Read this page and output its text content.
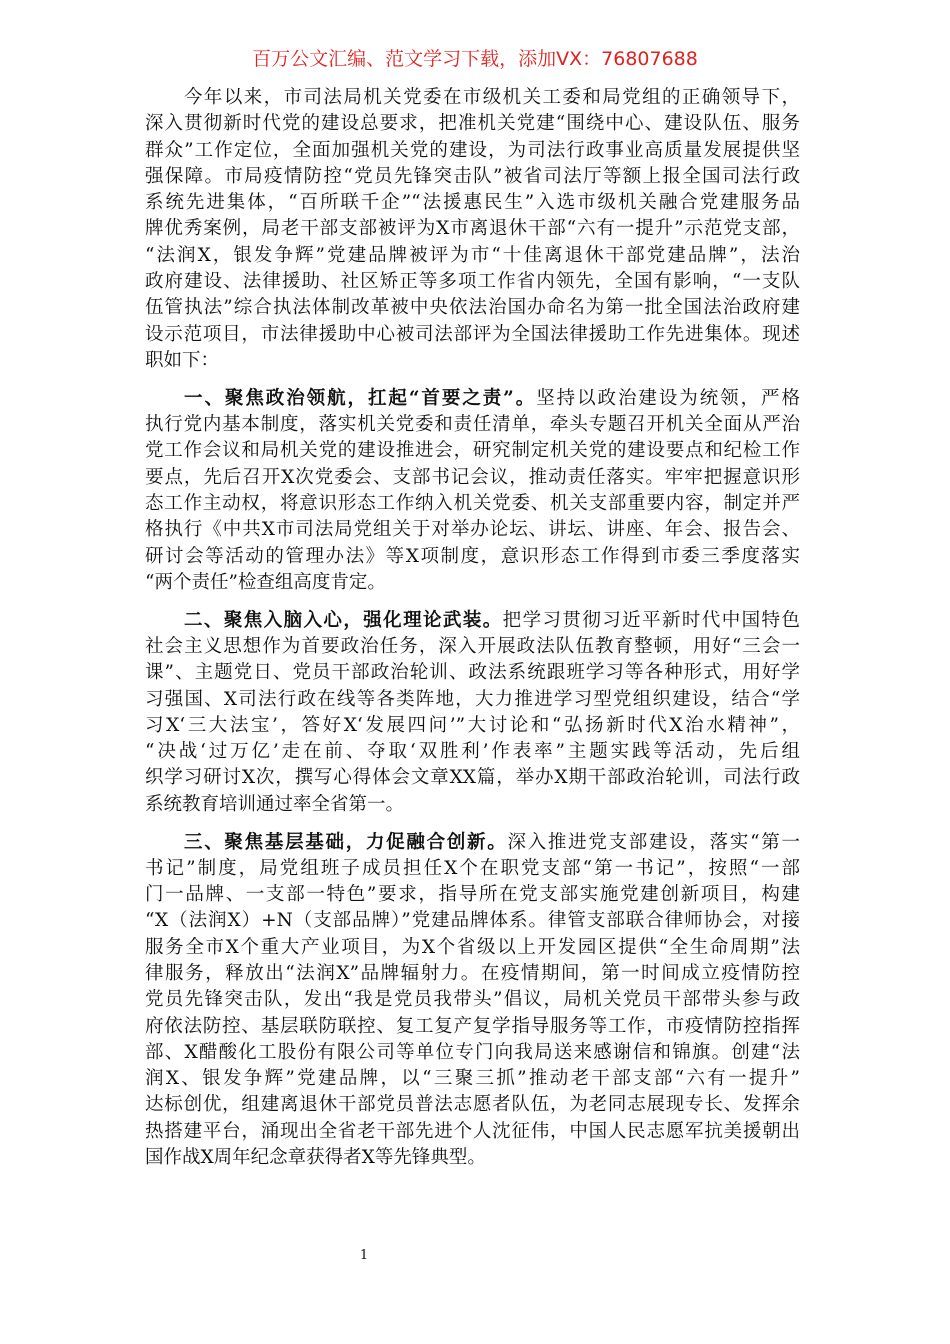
百万公文汇编、范文学习下载，添加VX：76807688
今年以来，市司法局机关党委在市级机关工委和局党组的正确领导下，
深入贯彻新时代党的建设总要求，把准机关党建“围绕中心、建设队伍、服务
群众”工作定位，全面加强机关党的建设，为司法行政事业高质量发展提供坚
强保障。市局疫情防控“党员先锋突击队”被省司法厅等额上报全国司法行政
系统先进集体，“百所联千企”“法援惠民生”入选市级机关融合党建服务品
牌优秀案例，局老干部支部被评为X市离退休干部“六有一提升”示范党支部，
“法润X，银发争辉”党建品牌被评为市“十佳离退休干部党建品牌”，法治
政府建设、法律援助、社区矫正等多项工作省内领先，全国有影响，“一支队
伍管执法”综合执法体制改革被中央依法治国办命名为第一批全国法治政府建
设示范项目，市法律援助中心被司法部评为全国法律援助工作先进集体。现述
职如下：
一、聚焦政治领航，扛起“首要之责”。坚持以政治建设为统领，严格
执行党内基本制度，落实机关党委和责任清单，牵头专题召开机关全面从严治
党工作会议和局机关党的建设推进会，研究制定机关党的建设要点和纪检工作
要点，先后召开X次党委会、支部书记会议，推动责任落实。牢牢把握意识形
态工作主动权，将意识形态工作纳入机关党委、机关支部重要内容，制定并严
格执行《中共X市司法局党组关于对举办论坛、讲坛、讲座、年会、报告会、
研讨会等活动的管理办法》等X项制度，意识形态工作得到市委三季度落实
“两个责任”检查组高度肯定。
二、聚焦入脑入心，强化理论武装。把学习贯彻习近平新时代中国特色
社会主义思想作为首要政治任务，深入开展政法队伍教育整顿，用好“三会一
课”、主题党日、党员干部政治轮训、政法系统跟班学习等各种形式，用好学
习强国、X司法行政在线等各类阵地，大力推进学习型党组织建设，结合“学
习X‘三大法宝’，答好X‘发展四问’”大讨论和“弘扬新时代X治水精神”，
“决战‘过万亿’走在前、夺取‘双胜利’作表率”主题实践等活动，先后组
织学习研讨X次，撰写心得体会文章XX篇，举办X期干部政治轮训，司法行政
系统教育培训通过率全省第一。
三、聚焦基层基础，力促融合创新。深入推进党支部建设，落实“第一
书记”制度，局党组班子成员担任X个在职党支部“第一书记”，按照“一部
门一品牌、一支部一特色”要求，指导所在党支部实施党建创新项目，构建
“X（法润X）+N（支部品牌）”党建品牌体系。律管支部联合律师协会，对接
服务全市X个重大产业项目，为X个省级以上开发园区提供“全生命周期”法
律服务，释放出“法润X”品牌辐射力。在疫情期间，第一时间成立疫情防控
党员先锋突击队，发出“我是党员我带头”倡议，局机关党员干部带头参与政
府依法防控、基层联防联控、复工复产复学指导服务等工作，市疫情防控指挥
部、X醋酸化工股份有限公司等单位专门向我局送来感谢信和锦旗。创建“法
润X、银发争辉”党建品牌，以“三聚三抓”推动老干部支部“六有一提升”
达标创优，组建离退休干部党员普法志愿者队伍，为老同志展现专长、发挥余
热搭建平台，涌现出全省老干部先进个人沈征伟，中国人民志愿军抗美援朝出
国作战X周年纪念章获得者X等先锋典型。
1
